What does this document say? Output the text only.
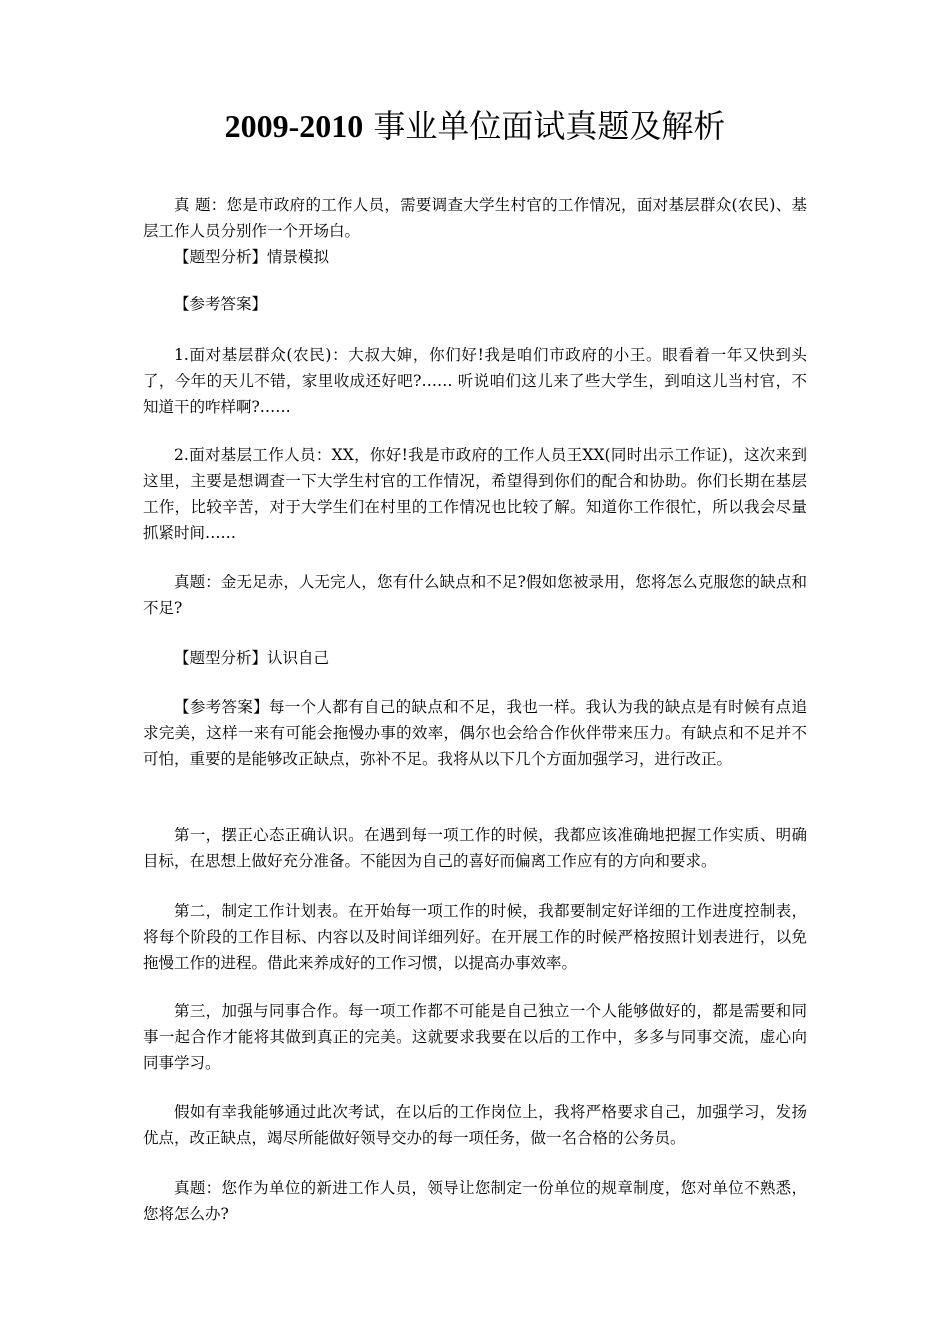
2009-2010 事业单位面试真题及解析

真 题：您是市政府的工作人员，需要调查大学生村官的工作情况，面对基层群众(农民)、基层工作人员分别作一个开场白。

【题型分析】情景模拟

【参考答案】

1.面对基层群众(农民)：大叔大婶，你们好!我是咱们市政府的小王。眼看着一年又快到头了，今年的天儿不错，家里收成还好吧?…… 听说咱们这儿来了些大学生，到咱这儿当村官，不知道干的咋样啊?……

2.面对基层工作人员：XX，你好!我是市政府的工作人员王XX(同时出示工作证)，这次来到这里，主要是想调查一下大学生村官的工作情况，希望得到你们的配合和协助。你们长期在基层工作，比较辛苦，对于大学生们在村里的工作情况也比较了解。知道你工作很忙，所以我会尽量抓紧时间……

真题：金无足赤，人无完人，您有什么缺点和不足?假如您被录用，您将怎么克服您的缺点和不足?

【题型分析】认识自己

【参考答案】每一个人都有自己的缺点和不足，我也一样。我认为我的缺点是有时候有点追求完美，这样一来有可能会拖慢办事的效率，偶尔也会给合作伙伴带来压力。有缺点和不足并不可怕，重要的是能够改正缺点，弥补不足。我将从以下几个方面加强学习，进行改正。

第一，摆正心态正确认识。在遇到每一项工作的时候，我都应该准确地把握工作实质、明确目标，在思想上做好充分准备。不能因为自己的喜好而偏离工作应有的方向和要求。

第二，制定工作计划表。在开始每一项工作的时候，我都要制定好详细的工作进度控制表，将每个阶段的工作目标、内容以及时间详细列好。在开展工作的时候严格按照计划表进行，以免拖慢工作的进程。借此来养成好的工作习惯，以提高办事效率。

第三，加强与同事合作。每一项工作都不可能是自己独立一个人能够做好的，都是需要和同事一起合作才能将其做到真正的完美。这就要求我要在以后的工作中，多多与同事交流，虚心向同事学习。

假如有幸我能够通过此次考试，在以后的工作岗位上，我将严格要求自己，加强学习，发扬优点，改正缺点，竭尽所能做好领导交办的每一项任务，做一名合格的公务员。

真题：您作为单位的新进工作人员，领导让您制定一份单位的规章制度，您对单位不熟悉，您将怎么办?
